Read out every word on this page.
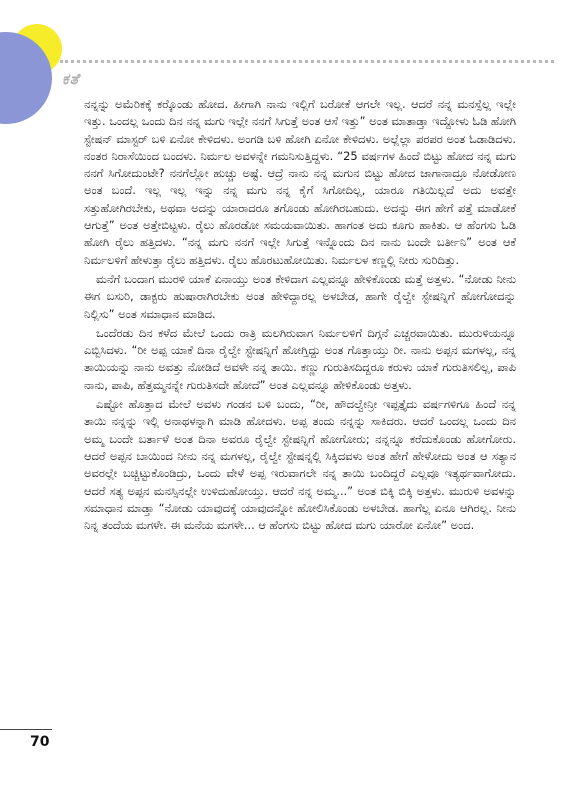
ಕತೆ

ನನ್ನನ್ನು ಅಮೆರಿಕಕ್ಕೆ ಕರ್‍ಕೊಂಡು ಹೋದ. ಹೀಗಾಗಿ ನಾನು ಇಲ್ಲಿಗೆ ಬರೋಕೆ ಆಗಲೇ ಇಲ್ಲ. ಆದರೆ ನನ್ನ ಮನಸ್ಸೆಲ್ಲ ಇಲ್ಲೇ ಇತ್ತು. ಒಂದಲ್ಲ ಒಂದು ದಿನ ನನ್ನ ಮಗು ಇಲ್ಲೇ ನನಗೆ ಸಿಗುತ್ತೆ ಅಂತ ಆಸೆ ಇತ್ತು” ಅಂತ ಮಾತಾಡ್ತಾ ಇದ್ದೋಳು ಓಡಿ ಹೋಗಿ ಸ್ಟೇಷನ್ ಮಾಸ್ಟರ್ ಬಳಿ ಏನೋ ಕೇಳಿದಳು. ಅಂಗಡಿ ಬಳಿ ಹೋಗಿ ಏನೋ ಕೇಳಿದಳು. ಅಲ್ಲೆಲ್ಲಾ ಪರಪರ ಅಂತ ಓಡಾಡಿದಳು. ನಂತರ ನಿರಾಸೆಯಿಂದ ಬಂದಳು. ನಿರ್ಮಲ ಅವಳನ್ನೇ ಗಮನಿಸುತ್ತಿದ್ದಳು. “25 ವರ್ಷಗಳ ಹಿಂದೆ ಬಿಟ್ಟು ಹೋದ ನನ್ನ ಮಗು ನನಗೆ ಸಿಗೋದುಂಟೇ? ನನಗೆಲ್ಲೋ ಹುಚ್ಚು ಅಷ್ಟೆ. ಆದ್ರೆ ನಾನು ನನ್ನ ಮಗುನ ಬಿಟ್ಟು ಹೋದ ಜಾಗಾನಾದ್ರೂ ನೋಡೋಣ ಅಂತ ಬಂದೆ. ಇಲ್ಲ ಇಲ್ಲ ಇನ್ನು ನನ್ನ ಮಗು ನನ್ನ ಕೈಗೆ ಸಿಗೋದಿಲ್ಲ, ಯಾರೂ ಗತಿಯಿಲ್ಲದೆ ಅದು ಅವತ್ತೇ ಸತ್ತುಹೋಗಿರಬೇಕು, ಅಥವಾ ಅದನ್ನು ಯಾರಾದರೂ ತಗೊಂಡು ಹೋಗಿರಬಹುದು. ಅದನ್ನು ಈಗ ಹೇಗೆ ಪತ್ತೆ ಮಾಡೋಕೆ ಆಗುತ್ತೆ” ಅಂತ ಅತ್ತೇಬಿಟ್ಟಳು. ರೈಲು ಹೊರಡೋ ಸಮಯವಾಯಿತು. ಹಾಗಂತ ಅದು ಕೂಗು ಹಾಕಿತು. ಆ ಹೆಂಗಸು ಓಡಿ ಹೋಗಿ ರೈಲು ಹತ್ತಿದಳು. “ನನ್ನ ಮಗು ನನಗೆ ಇಲ್ಲೇ ಸಿಗುತ್ತೆ ಇನ್ನೊಂದು ದಿನ ನಾನು ಬಂದೇ ಬರ್ತೀನಿ” ಅಂತ ಆಕೆ ನಿರ್ಮಲಳಿಗೆ ಹೇಳುತ್ತಾ ರೈಲು ಹತ್ತಿದಳು. ರೈಲು ಹೊರಟುಹೋಯಿತು. ನಿರ್ಮಲಳ ಕಣ್ಣಲ್ಲಿ ನೀರು ಸುರಿದಿತ್ತು.

ಮನೆಗೆ ಬಂದಾಗ ಮುರಳಿ ಯಾಕೆ ಏನಾಯ್ತು ಅಂತ ಕೇಳಿದಾಗ ಎಲ್ಲವನ್ನೂ ಹೇಳಿಕೊಂಡು ಮತ್ತೆ ಅತ್ತಳು. “ನೋಡು ನೀನು ಈಗ ಬಸುರಿ, ಡಾಕ್ಟರು ಹುಷಾರಾಗಿರಬೇಕು ಅಂತ ಹೇಳಿದ್ದಾರಲ್ಲ ಅಳಬೇಡ, ಹಾಗೇ ರೈಲ್ವೇ ಸ್ಟೇಷನ್ನಿಗೆ ಹೋಗೋದನ್ನು ನಿಲ್ಲಿಸು” ಅಂತ ಸಮಾಧಾನ ಮಾಡಿದ.

ಒಂದೆರಡು ದಿನ ಕಳೆದ ಮೇಲೆ ಒಂದು ರಾತ್ರಿ ಮಲಗಿರುವಾಗ ನಿರ್ಮಲಳಿಗೆ ದಿಗ್ಗನೆ ಎಚ್ಚರವಾಯಿತು. ಮುರುಳಿಯನ್ನೂ ಎಬ್ಬಿಸಿದಳು. “ರೀ ಅಪ್ಪ ಯಾಕೆ ದಿನಾ ರೈಲ್ವೇ ಸ್ಟೇಷನ್ನಿಗೆ ಹೋಗ್ತಿದ್ದು ಅಂತ ಗೊತ್ತಾಯ್ತು ರೀ. ನಾನು ಅಪ್ಪನ ಮಗಳಲ್ಲ, ನನ್ನ ತಾಯಿಯನ್ನು ನಾನು ಅವತ್ತು ನೋಡಿದೆ ಅವಳೇ ನನ್ನ ತಾಯಿ. ಕಣ್ಣು ಗುರುತಿಸದಿದ್ದರೂ ಕರುಳು ಯಾಕೆ ಗುರುತಿಸಲಿಲ್ಲ, ಪಾಪಿ ನಾನು, ಪಾಪಿ, ಹೆತ್ತಮ್ಮನನ್ನೇ ಗುರುತಿಸದೇ ಹೋದೆ” ಅಂತ ಎಲ್ಲವನ್ನೂ ಹೇಳಿಕೊಂಡು ಅತ್ತಳು.

ಎಷ್ಟೋ ಹೊತ್ತಾದ ಮೇಲೆ ಅವಳು ಗಂಡನ ಬಳಿ ಬಂದು, “ರೀ, ಹೌದಲ್ವೇನ್ರೀ ಇಪ್ಪತ್ತೈದು ವರ್ಷಗಳಿಗೂ ಹಿಂದೆ ನನ್ನ ತಾಯಿ ನನ್ನನ್ನು ಇಲ್ಲಿ ಅನಾಥಳನ್ನಾಗಿ ಮಾಡಿ ಹೋದಳು. ಅಪ್ಪ ತಂದು ನನ್ನನ್ನು ಸಾಕಿದರು. ಆದರೆ ಒಂದಲ್ಲ ಒಂದು ದಿನ ಅಮ್ಮ ಬಂದೇ ಬರ್ತಾಳೆ ಅಂತ ದಿನಾ ಅವರೂ ರೈಲ್ವೇ ಸ್ಟೇಷನ್ನಿಗೆ ಹೋಗೋರು; ನನ್ನನ್ನೂ ಕರೆದುಕೊಂಡು ಹೋಗೋರು. ಆದರೆ ಅಪ್ಪನ ಬಾಯಿಂದ ನೀನು ನನ್ನ ಮಗಳಲ್ಲ, ರೈಲ್ವೇ ಸ್ಟೇಷನ್ನಲ್ಲಿ ಸಿಕ್ಕಿದವಳು ಅಂತ ಹೇಗೆ ಹೇಳೋದು ಅಂತ ಆ ಸತ್ಯಾನ ಅವರಲ್ಲೇ ಬಚ್ಚಿಟ್ಟುಕೊಂಡಿದ್ರು, ಒಂದು ವೇಳೆ ಅಪ್ಪ ಇರುವಾಗಲೇ ನನ್ನ ತಾಯಿ ಬಂದಿದ್ದರೆ ಎಲ್ಲವೂ ಇತ್ಯರ್ಥವಾಗೋದು. ಆದರೆ ಸತ್ಯ ಅಪ್ಪನ ಮನಸ್ಸಿನಲ್ಲೇ ಉಳಿದುಹೋಯ್ತು. ಆದರೆ ನನ್ನ ಅಮ್ಮ...” ಅಂತ ಬಿಕ್ಕಿ ಬಿಕ್ಕಿ ಅತ್ತಳು. ಮುರುಳಿ ಅವಳನ್ನು ಸಮಾಧಾನ ಮಾಡ್ತಾ “ನೋಡು ಯಾವುದಕ್ಕೆ ಯಾವುದನ್ನೋ ಹೋಲಿಸಿಕೊಂಡು ಅಳಬೇಡ. ಹಾಗೆಲ್ಲ ಏನೂ ಆಗಿರಲ್ಲ. ನೀನು ನಿನ್ನ ತಂದೆಯ ಮಗಳೇ. ಈ ಮನೆಯ ಮಗಳೇ... ಆ ಹೆಂಗಸು ಬಿಟ್ಟು ಹೋದ ಮಗು ಯಾರೋ ಏನೋ” ಅಂದ.

70
